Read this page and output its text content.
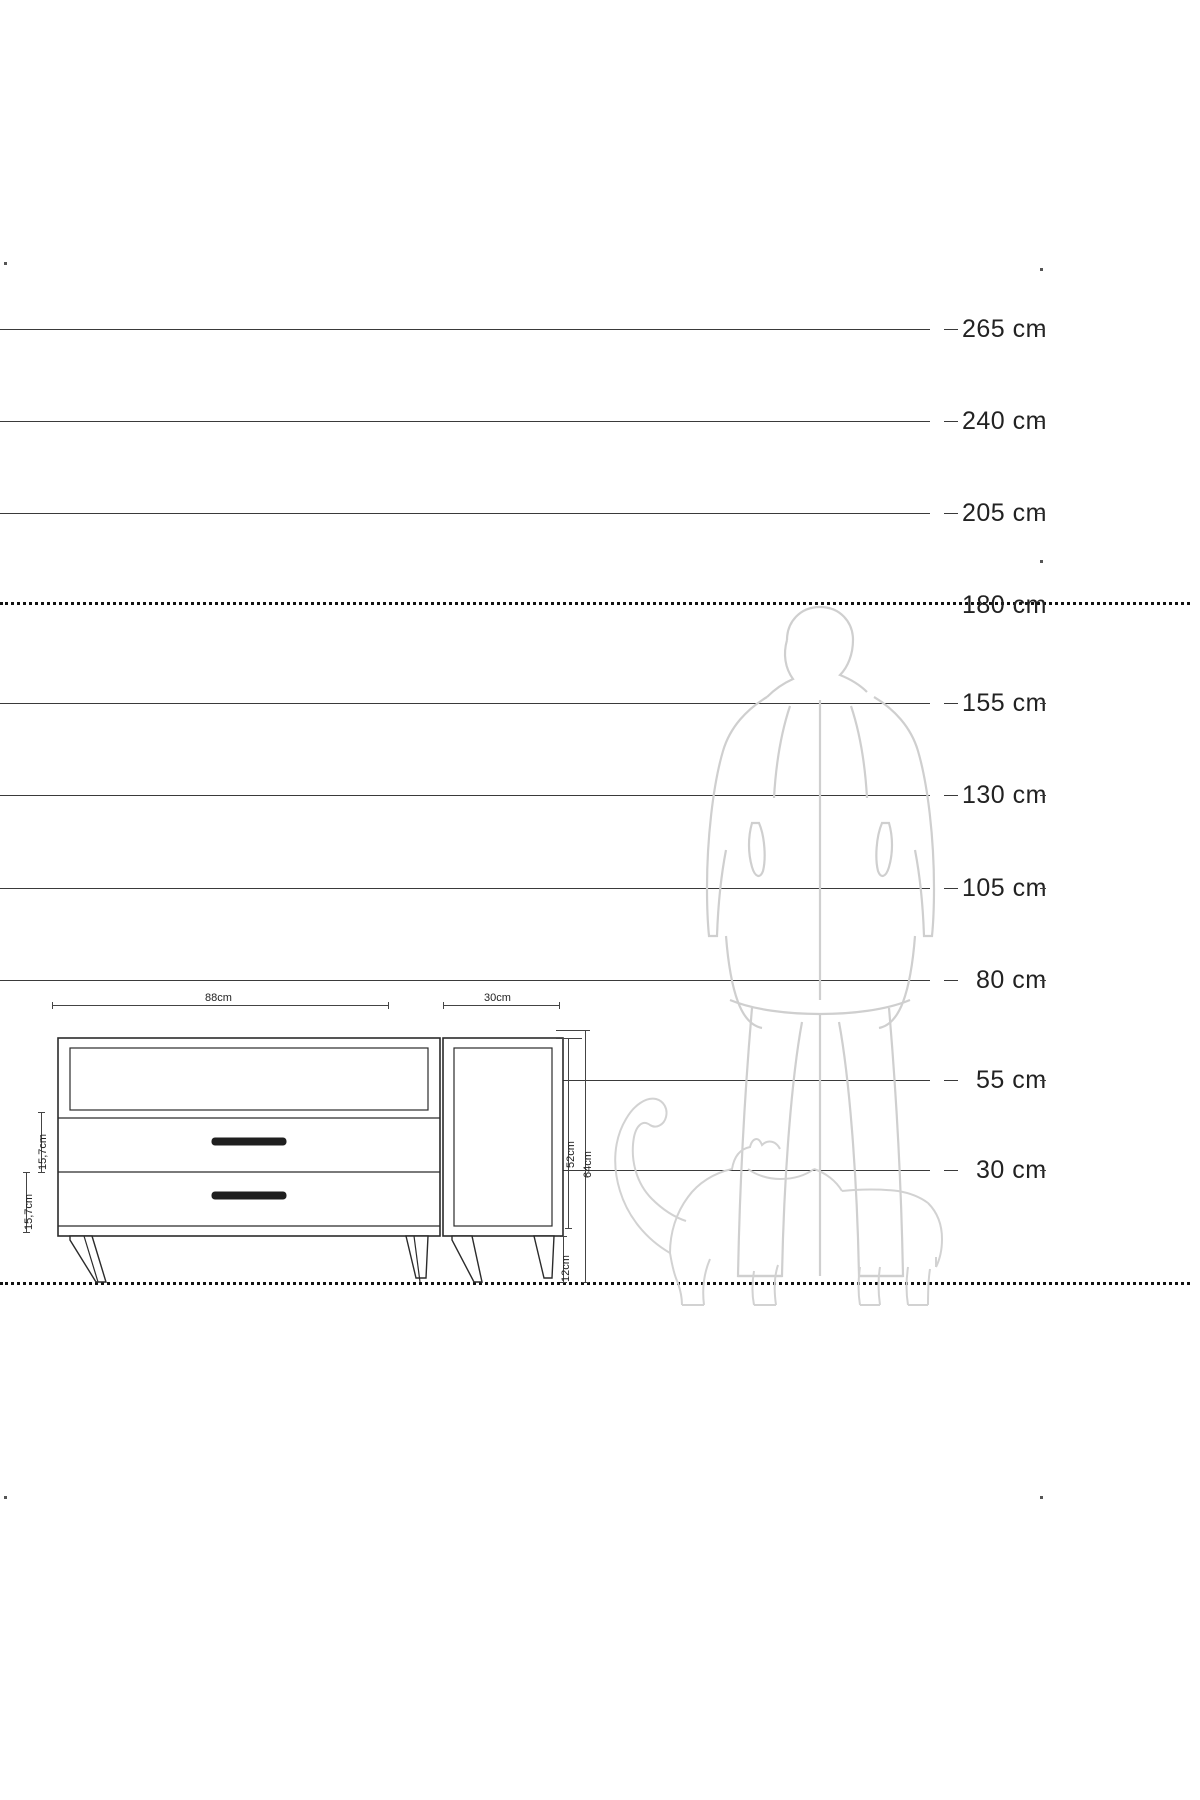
265 cm
240 cm
205 cm
180 cm
155 cm
130 cm
105 cm
80 cm
55 cm
30 cm
88cm	30cm
15,7cm
15,7cm
52cm 64cm
12cm
